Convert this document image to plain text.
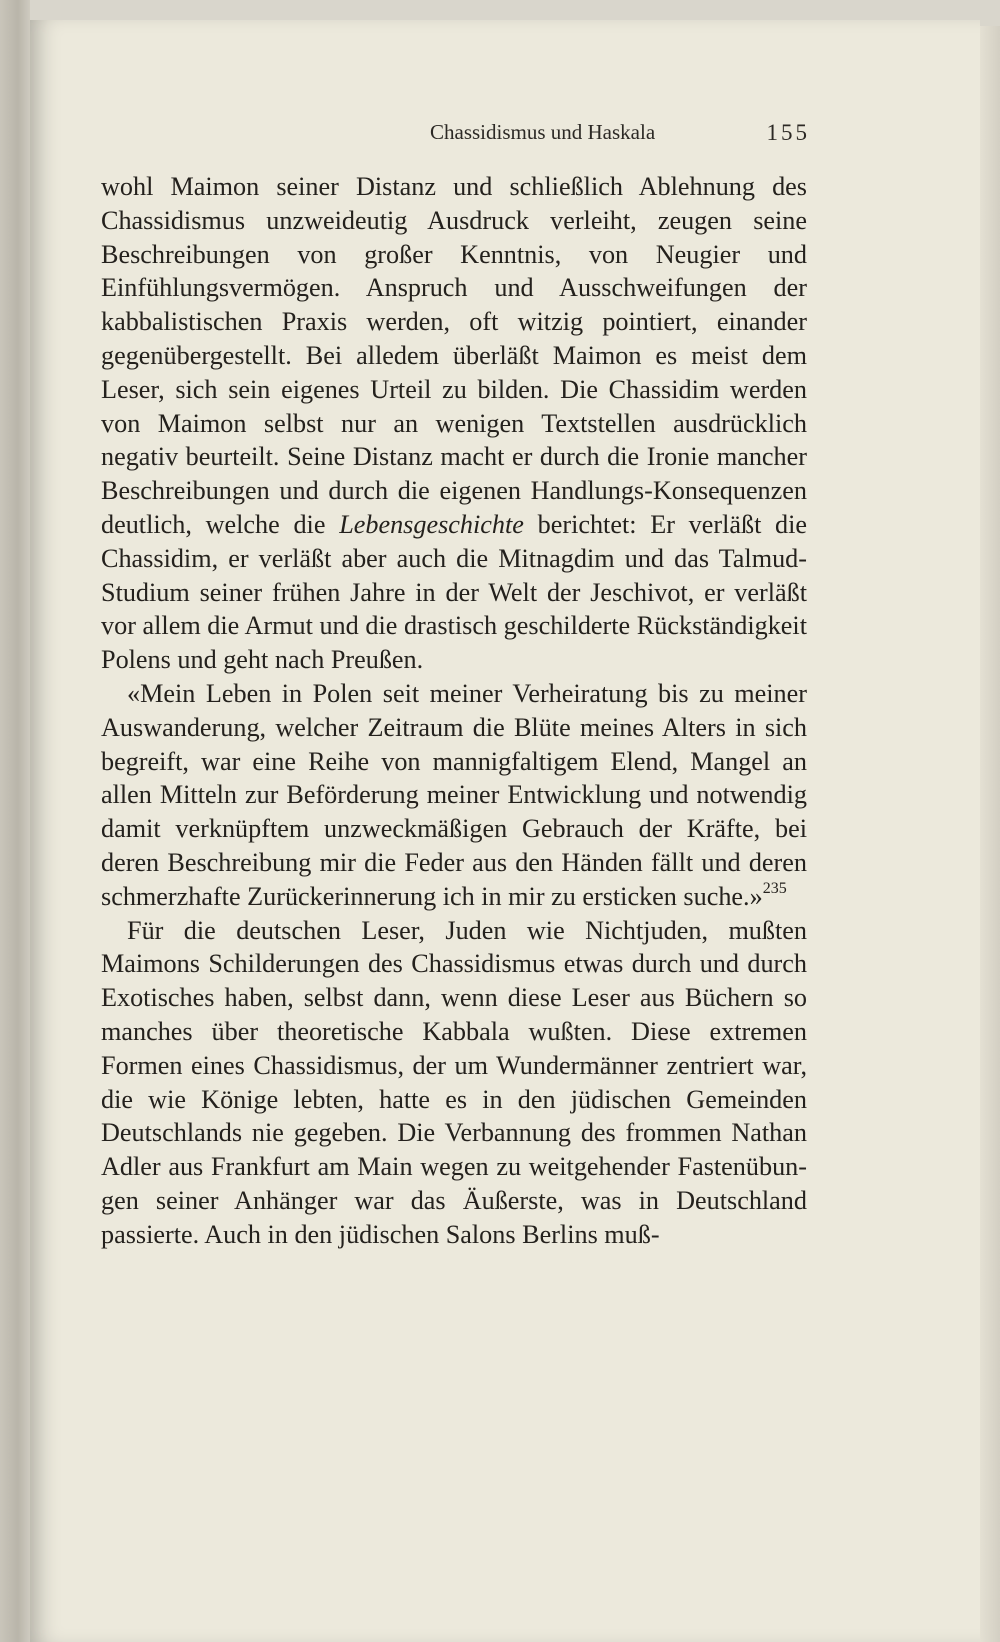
Chassidismus und Haskala	155

wohl Maimon seiner Distanz und schließlich Ablehnung des Chassidismus unzweideutig Ausdruck verleiht, zeugen seine Beschreibungen von großer Kenntnis, von Neugier und Einfühlungsvermögen. Anspruch und Ausschweifungen der kabbalistischen Praxis werden, oft witzig pointiert, einander gegenübergestellt. Bei alledem überläßt Maimon es meist dem Leser, sich sein eigenes Urteil zu bilden. Die Chassidim werden von Maimon selbst nur an wenigen Textstellen ausdrücklich negativ beurteilt. Seine Distanz macht er durch die Ironie mancher Beschreibungen und durch die eigenen Handlungs-Konsequenzen deutlich, welche die Lebensgeschichte berichtet: Er verläßt die Chassidim, er verläßt aber auch die Mitnagdim und das Talmud-Studium seiner frühen Jahre in der Welt der Jeschivot, er verläßt vor allem die Armut und die drastisch geschilderte Rückständigkeit Polens und geht nach Preußen.

«Mein Leben in Polen seit meiner Verheiratung bis zu meiner Auswanderung, welcher Zeitraum die Blüte meines Alters in sich begreift, war eine Reihe von mannigfaltigem Elend, Mangel an allen Mitteln zur Beförderung meiner Entwicklung und notwendig damit verknüpftem unzweckmäßigen Gebrauch der Kräfte, bei deren Beschreibung mir die Feder aus den Händen fällt und deren schmerzhafte Zurückerinnerung ich in mir zu ersticken suche.»$^{235}$

Für die deutschen Leser, Juden wie Nichtjuden, mußten Maimons Schilderungen des Chassidismus etwas durch und durch Exotisches haben, selbst dann, wenn diese Leser aus Büchern so manches über theoretische Kabbala wußten. Diese extremen Formen eines Chassidismus, der um Wundermänner zentriert war, die wie Könige lebten, hatte es in den jüdischen Gemeinden Deutschlands nie gegeben. Die Verbannung des frommen Nathan Adler aus Frankfurt am Main wegen zu weitgehender Fastenübungen seiner Anhänger war das Äußerste, was in Deutschland passierte. Auch in den jüdischen Salons Berlins muß-
